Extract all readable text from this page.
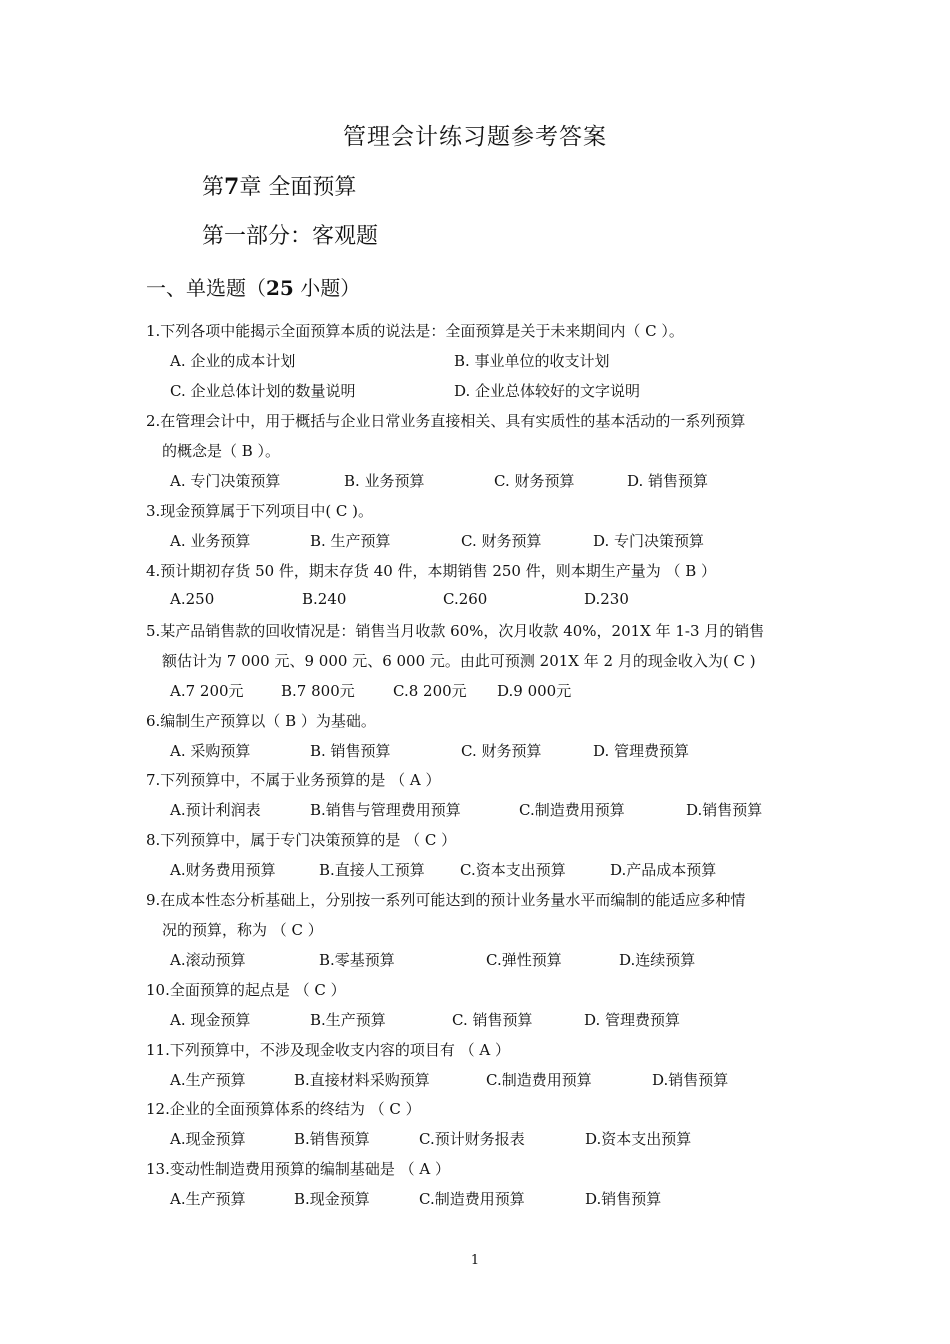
管理会计练习题参考答案
第7章 全面预算
第一部分：客观题
一、单选题（25 小题）
1.下列各项中能揭示全面预算本质的说法是：全面预算是关于未来期间内（ C ）。
A. 企业的成本计划	B. 事业单位的收支计划
C. 企业总体计划的数量说明	D. 企业总体较好的文字说明
2.在管理会计中，用于概括与企业日常业务直接相关、具有实质性的基本活动的一系列预算
的概念是（ B ）。
A. 专门决策预算	B. 业务预算	C. 财务预算	D. 销售预算
3.现金预算属于下列项目中( C )。
A. 业务预算	B. 生产预算	C. 财务预算	D. 专门决策预算
4.预计期初存货 50 件，期末存货 40 件，本期销售 250 件，则本期生产量为 （ B ）
A.250	B.240	C.260	D.230
5.某产品销售款的回收情况是：销售当月收款 60%，次月收款 40%，201X 年 1-3 月的销售
额估计为 7 000 元、9 000 元、6 000 元。由此可预测 201X 年 2 月的现金收入为( C )
A.7 200元 B.7 800元	C.8 200元 D.9 000元
6.编制生产预算以（ B ）为基础。
A. 采购预算	B. 销售预算	C. 财务预算	D. 管理费预算
7.下列预算中，不属于业务预算的是 （ A ）
A.预计利润表	B.销售与管理费用预算	C.制造费用预算	D.销售预算
8.下列预算中，属于专门决策预算的是 （ C ）
A.财务费用预算	B.直接人工预算 C.资本支出预算	D.产品成本预算
9.在成本性态分析基础上，分别按一系列可能达到的预计业务量水平而编制的能适应多种情
况的预算，称为 （ C ）
A.滚动预算	B.零基预算	C.弹性预算	D.连续预算
10.全面预算的起点是 （ C ）
A. 现金预算	B.生产预算	C. 销售预算	D. 管理费预算
11.下列预算中，不涉及现金收支内容的项目有 （ A ）
A.生产预算	B.直接材料采购预算	C.制造费用预算	D.销售预算
12.企业的全面预算体系的终结为 （ C ）
A.现金预算	B.销售预算	C.预计财务报表	D.资本支出预算
13.变动性制造费用预算的编制基础是 （ A ）
A.生产预算	B.现金预算	C.制造费用预算	D.销售预算
1
